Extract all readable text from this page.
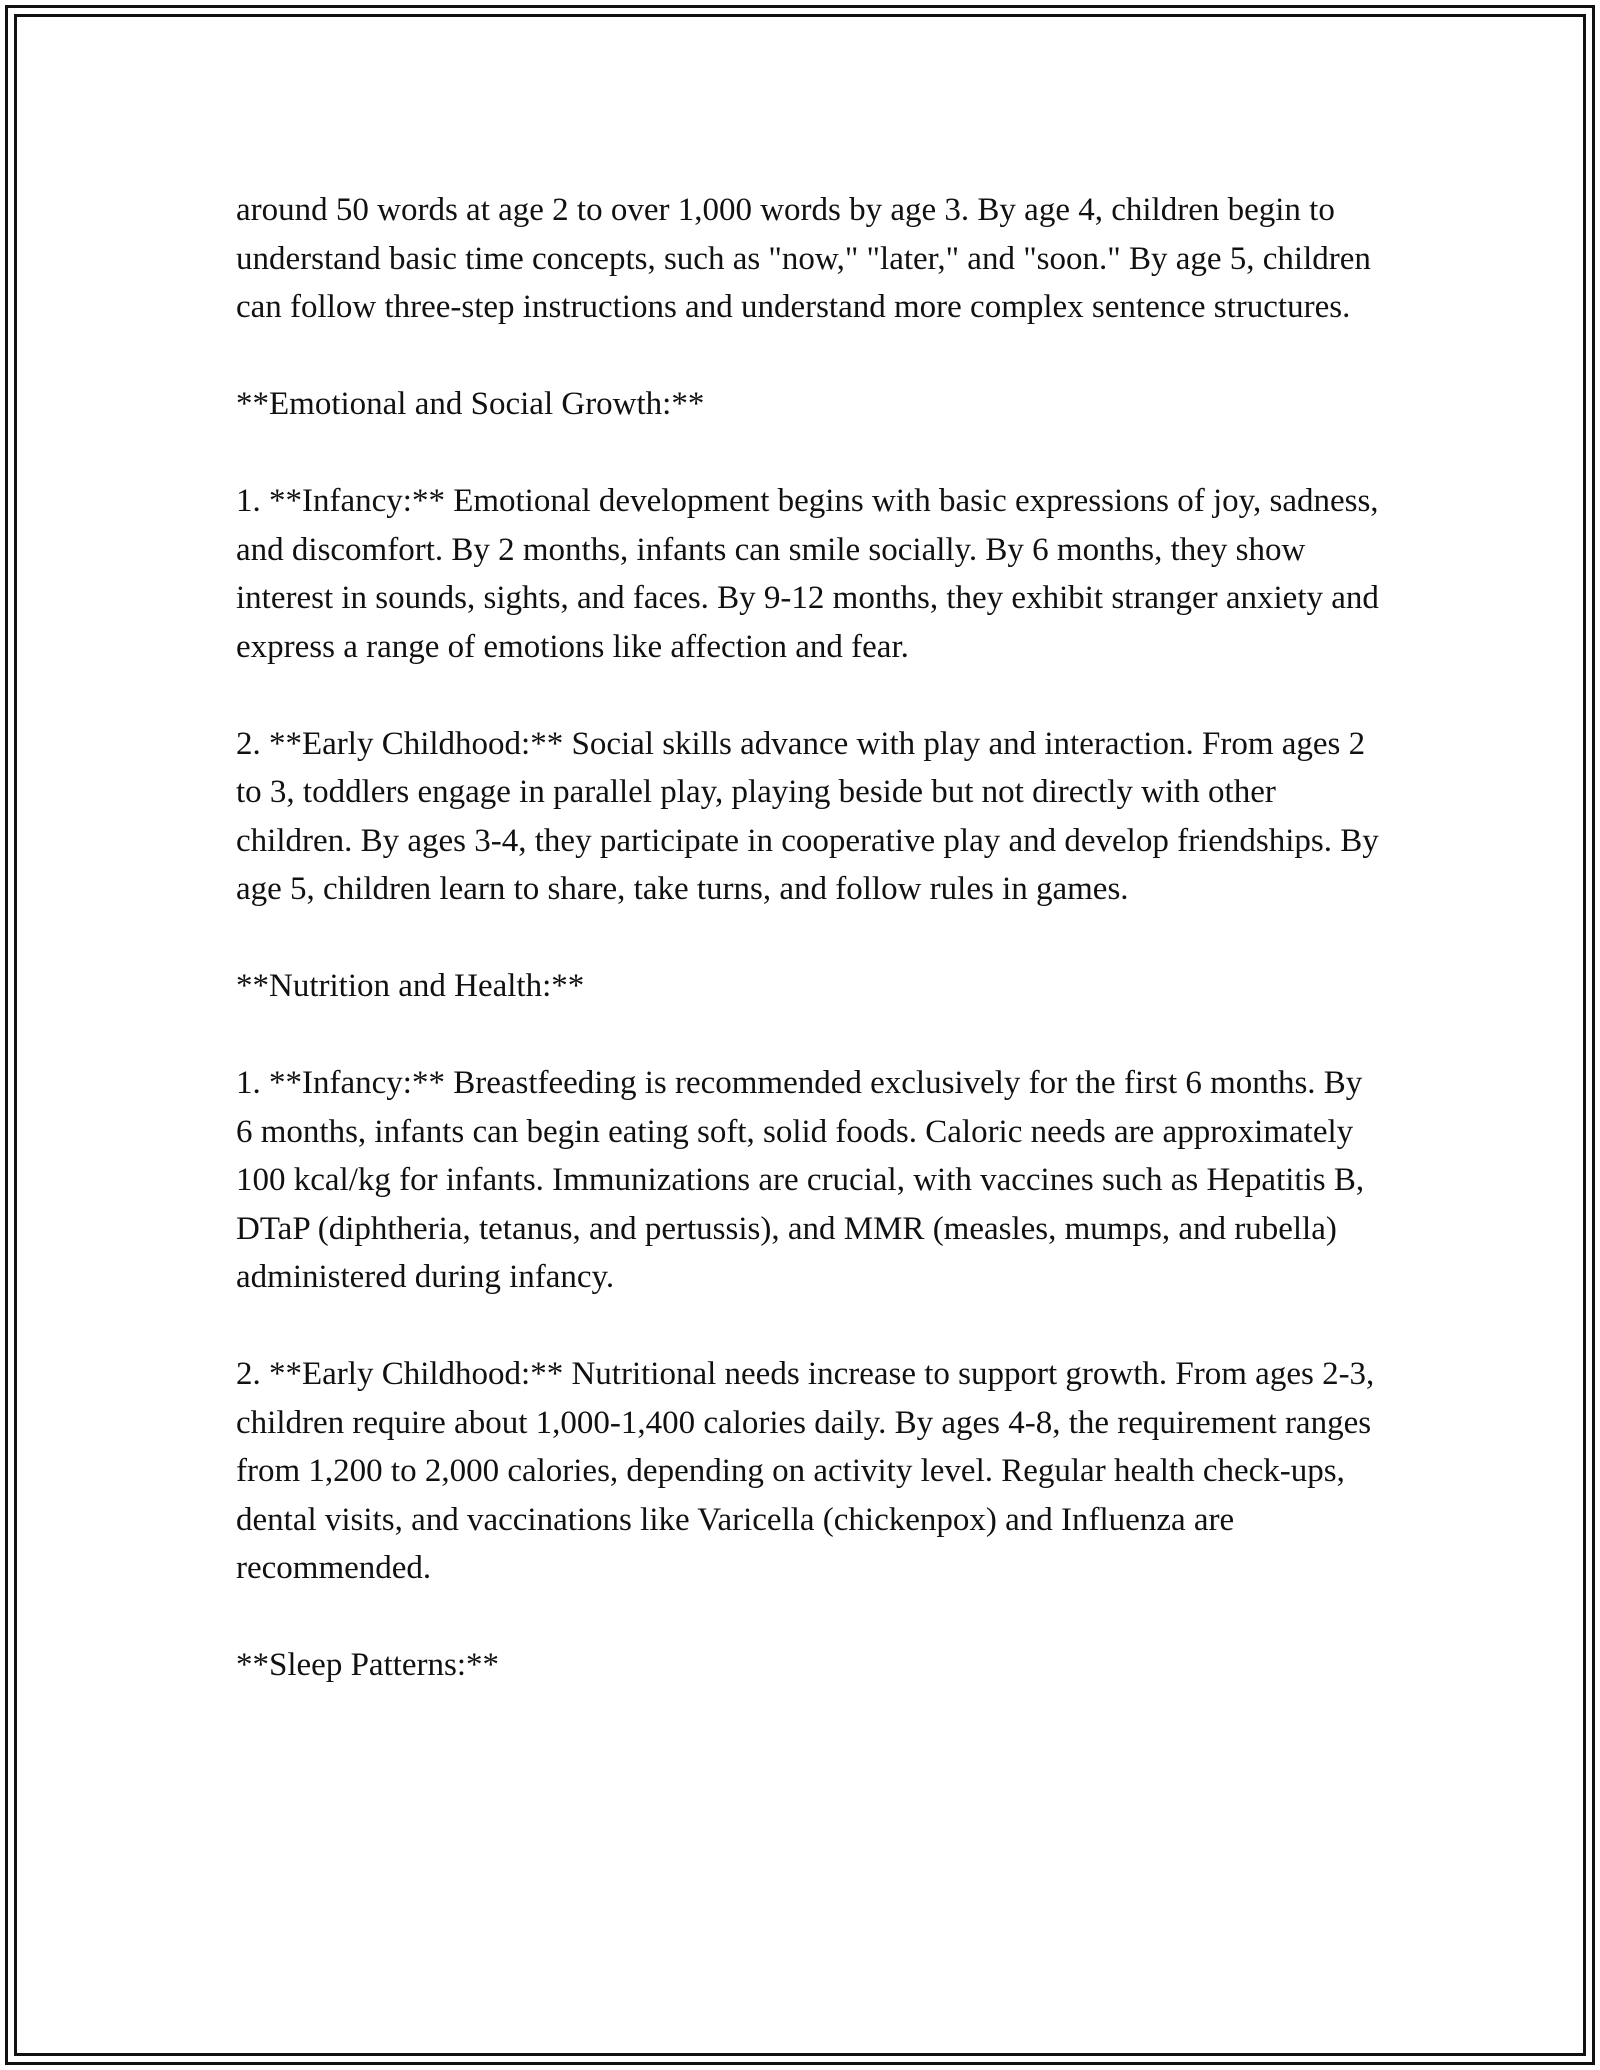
around 50 words at age 2 to over 1,000 words by age 3. By age 4, children begin to understand basic time concepts, such as "now," "later," and "soon." By age 5, children can follow three-step instructions and understand more complex sentence structures.

**Emotional and Social Growth:**

1. **Infancy:** Emotional development begins with basic expressions of joy, sadness, and discomfort. By 2 months, infants can smile socially. By 6 months, they show interest in sounds, sights, and faces. By 9-12 months, they exhibit stranger anxiety and express a range of emotions like affection and fear.

2. **Early Childhood:** Social skills advance with play and interaction. From ages 2 to 3, toddlers engage in parallel play, playing beside but not directly with other children. By ages 3-4, they participate in cooperative play and develop friendships. By age 5, children learn to share, take turns, and follow rules in games.

**Nutrition and Health:**

1. **Infancy:** Breastfeeding is recommended exclusively for the first 6 months. By 6 months, infants can begin eating soft, solid foods. Caloric needs are approximately 100 kcal/kg for infants. Immunizations are crucial, with vaccines such as Hepatitis B, DTaP (diphtheria, tetanus, and pertussis), and MMR (measles, mumps, and rubella) administered during infancy.

2. **Early Childhood:** Nutritional needs increase to support growth. From ages 2-3, children require about 1,000-1,400 calories daily. By ages 4-8, the requirement ranges from 1,200 to 2,000 calories, depending on activity level. Regular health check-ups, dental visits, and vaccinations like Varicella (chickenpox) and Influenza are recommended.

**Sleep Patterns:**
